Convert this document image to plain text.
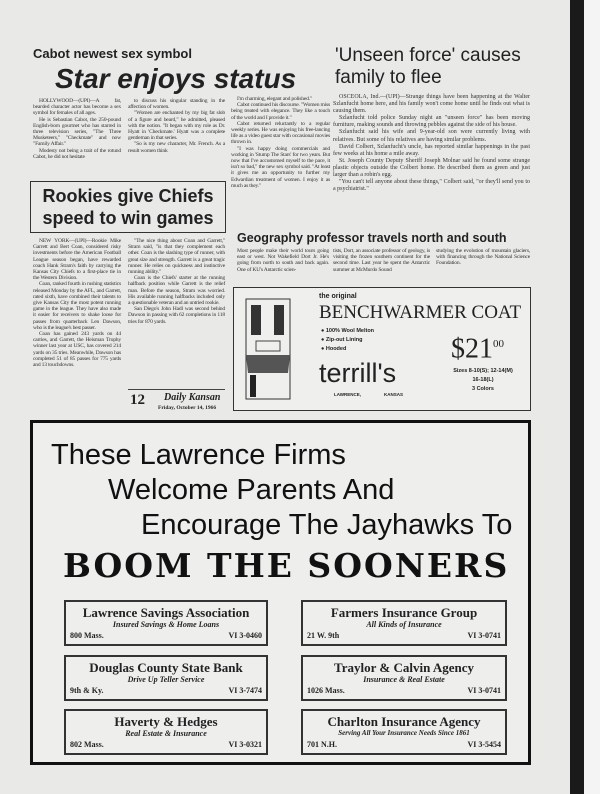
Cabot newest sex symbol
Star enjoys status

HOLLYWOOD—(UPI)—A fat, bearded character actor has become a sex symbol for females of all ages.

He is Sebastian Cabot, the 250-pound English-born gourmet who has starred in three television series, "The Three Musketeers," "Checkmate" and now "Family Affair."

Modesty not being a trait of the rotund Cabot, he did not hesitate

to discuss his singular standing in the affection of women.

"Women are enchanted by my big fat slob of a figure and beard," he admitted, pleased with the notion. "It began with my role as Dr. Hyatt in 'Checkmate.' Hyatt was a complete gentleman in that series.

"So is my new character, Mr. French. As a result women think

I'm charming, elegant and polished."

Cabot continued his discourse. "Women miss being treated with elegance. They like a touch of the world and I provide it."

Cabot returned reluctantly to a regular weekly series. He was enjoying his free-lancing life as a video guest star with occasional movies thrown in.

"I was happy doing commercials and working in 'Stump The Stars' for two years. But now that I've accustomed myself to the pace, it isn't so bad," the new sex symbol said. "At least it gives me an opportunity to further my Edwardian treatment of women. I enjoy it as much as they."

Rookies give Chiefs
speed to win games

NEW YORK—(UPI)—Rookie Mike Garrett and Bert Coan, considered risky investments before the American Football League season began, have rewarded coach Hank Stram's faith by carrying the Kansas City Chiefs to a first-place tie in the Western Division.

Coan, ranked fourth in rushing statistics released Monday by the AFL, and Garrett, rated sixth, have combined their talents to give Kansas City the most potent running game in the league. They have also made it easier for receivers to shake loose for passes from quarterback Len Dawson, who is the league's best passer.

Coan has gained 243 yards on 44 carries, and Garrett, the Heisman Trophy winner last year at USC, has covered 214 yards on 35 tries. Meanwhile, Dawson has completed 51 of 85 passes for 775 yards and 13 touchdowns.

"The nice thing about Coan and Garrett," Stram said, "is that they complement each other. Coan is the slashing type of runner, with great size and strength. Garrett is a great tragic runner. He relies on quickness and instinctive running ability."

Coan is the Chiefs' starter at the running halfback position while Garrett is the relief man. Before the season, Stram was worried. His available running halfbacks included only a questionable veteran and an untried rookie.

San Diego's John Hadl was second behind Dawson in passing with 62 completions in 118 tries for 870 yards.

12 Daily Kansan
Friday, October 14, 1966
'Unseen force' causes
family to flee

OSCEOLA, Ind.—(UPI)—Strange things have been happening at the Walter Szlanfucht home here, and his family won't come home until he finds out what is causing them.

Szlanfucht told police Sunday night an "unseen force" has been moving furniture, making sounds and throwing pebbles against the side of his house.

Szlanfucht said his wife and 9-year-old son were currently living with relatives. But some of his relatives are having similar problems.

David Colbert, Szlanfucht's uncle, has reported similar happenings in the past few weeks at his home a mile away.

St. Joseph County Deputy Sheriff Joseph Molnar said he found some strange plastic objects outside the Colbert home. He described them as green and just larger than a robin's egg.

"You can't tell anyone about these things," Colbert said, "or they'll send you to a psychiatrist."

Geography professor travels north and south
Most people make their world tours going east or west. Not Wakefield Dort Jr. He's going from north to south and back again. One of KU's Antarctic scien-
tists, Dort, an associate professor of geology, is visiting the frozen southern continent for the second time. Last year he spent the Antarctic summer at McMurdo Sound
studying the evolution of mountain glaciers, with financing through the National Science Foundation.
the original
BENCHWARMER COAT
● 100% Wool Melton
● Zip-out Lining
● Hooded	$\$21^{00}$
Sizes 8-10(S); 12-14(M)
16-18(L)
3 Colors
terrill's
LAWRENCE,	KANSAS
These Lawrence Firms
Welcome Parents And
Encourage The Jayhawks To
BOOM THE SOONERS
Lawrence Savings Association
Insured Savings & Home Loans
800 Mass.	VI 3-0460
Farmers Insurance Group
All Kinds of Insurance
21 W. 9th	VI 3-0741
Douglas County State Bank
Drive Up Teller Service
9th & Ky.	VI 3-7474
Traylor & Calvin Agency
Insurance & Real Estate
1026 Mass.	VI 3-0741
Haverty & Hedges
Real Estate & Insurance
802 Mass.	VI 3-0321
Charlton Insurance Agency
Serving All Your Insurance Needs Since 1861
701 N.H.	VI 3-5454
